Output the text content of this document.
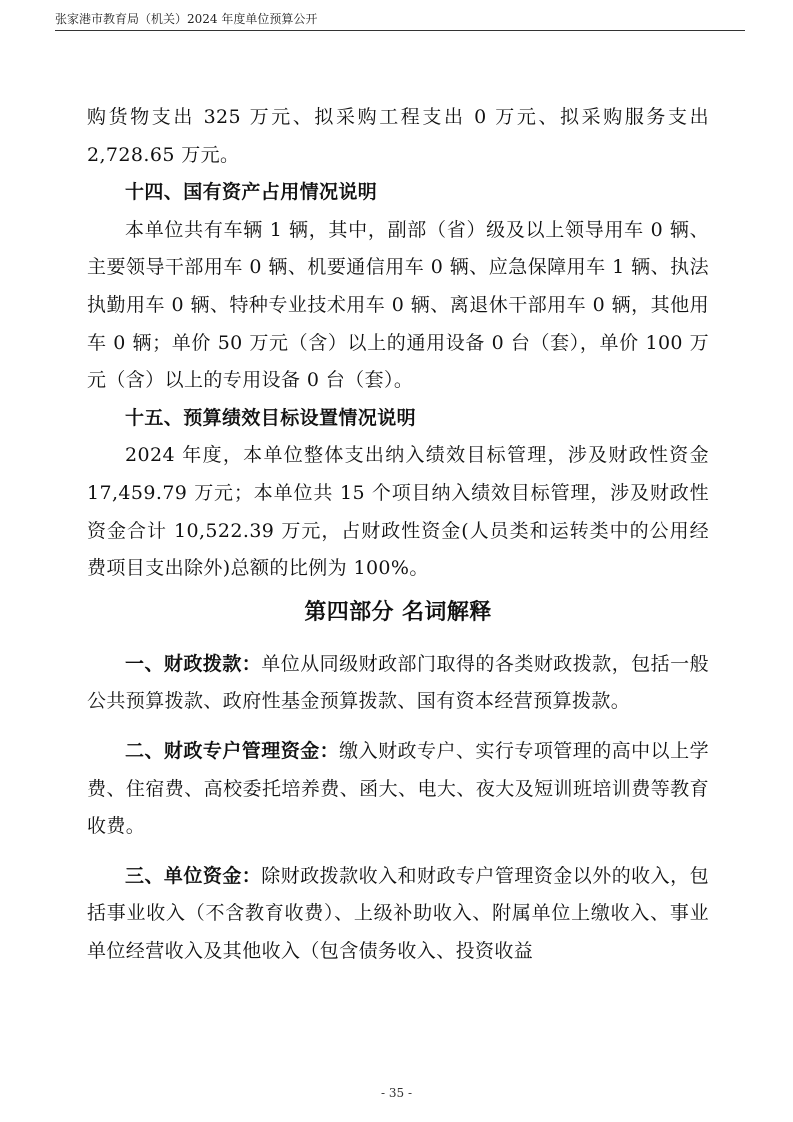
张家港市教育局（机关）2024 年度单位预算公开

购货物支出 325 万元、拟采购工程支出 0 万元、拟采购服务支出 2,728.65 万元。

十四、国有资产占用情况说明

本单位共有车辆 1 辆，其中，副部（省）级及以上领导用车 0 辆、主要领导干部用车 0 辆、机要通信用车 0 辆、应急保障用车 1 辆、执法执勤用车 0 辆、特种专业技术用车 0 辆、离退休干部用车 0 辆，其他用车 0 辆；单价 50 万元（含）以上的通用设备 0 台（套），单价 100 万元（含）以上的专用设备 0 台（套）。

十五、预算绩效目标设置情况说明

2024 年度，本单位整体支出纳入绩效目标管理，涉及财政性资金 17,459.79 万元；本单位共 15 个项目纳入绩效目标管理，涉及财政性资金合计 10,522.39 万元，占财政性资金(人员类和运转类中的公用经费项目支出除外)总额的比例为 100%。

第四部分 名词解释

一、财政拨款：单位从同级财政部门取得的各类财政拨款，包括一般公共预算拨款、政府性基金预算拨款、国有资本经营预算拨款。

二、财政专户管理资金：缴入财政专户、实行专项管理的高中以上学费、住宿费、高校委托培养费、函大、电大、夜大及短训班培训费等教育收费。

三、单位资金：除财政拨款收入和财政专户管理资金以外的收入，包括事业收入（不含教育收费）、上级补助收入、附属单位上缴收入、事业单位经营收入及其他收入（包含债务收入、投资收益

- 35 -
